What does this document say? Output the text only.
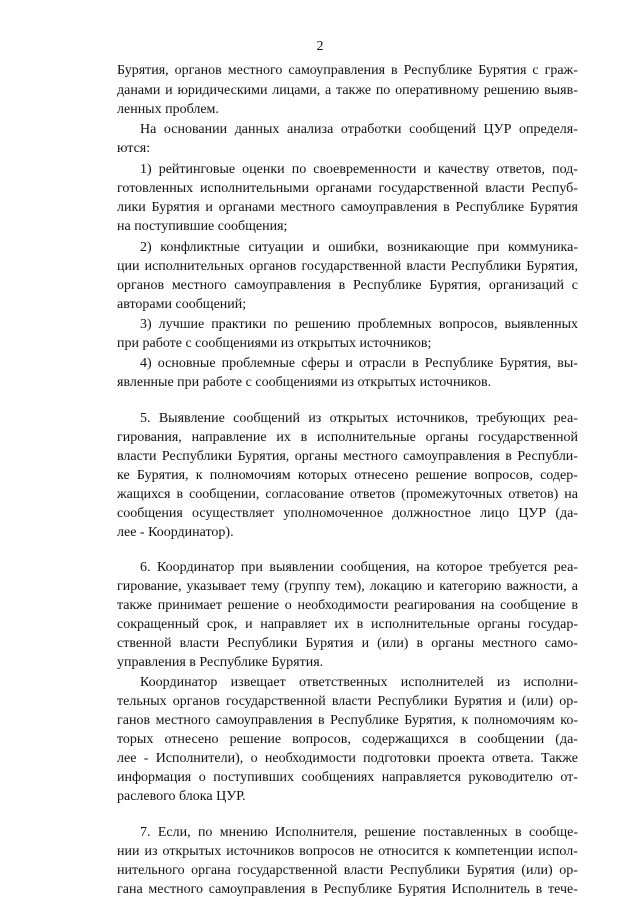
2
Бурятия, органов местного самоуправления в Республике Бурятия с граж-
данами и юридическими лицами, а также по оперативному решению выяв-
ленных проблем.
На основании данных анализа отработки сообщений ЦУР определя-
ются:
1) рейтинговые оценки по своевременности и качеству ответов, под-
готовленных исполнительными органами государственной власти Респуб-
лики Бурятия и органами местного самоуправления в Республике Бурятия
на поступившие сообщения;
2) конфликтные ситуации и ошибки, возникающие при коммуника-
ции исполнительных органов государственной власти Республики Бурятия,
органов местного самоуправления в Республике Бурятия, организаций с
авторами сообщений;
3) лучшие практики по решению проблемных вопросов, выявленных
при работе с сообщениями из открытых источников;
4) основные проблемные сферы и отрасли в Республике Бурятия, вы-
явленные при работе с сообщениями из открытых источников.
5. Выявление сообщений из открытых источников, требующих реа-
гирования, направление их в исполнительные органы государственной
власти Республики Бурятия, органы местного самоуправления в Республи-
ке Бурятия, к полномочиям которых отнесено решение вопросов, содер-
жащихся в сообщении, согласование ответов (промежуточных ответов) на
сообщения осуществляет уполномоченное должностное лицо ЦУР (да-
лее - Координатор).
6. Координатор при выявлении сообщения, на которое требуется реа-
гирование, указывает тему (группу тем), локацию и категорию важности, а
также принимает решение о необходимости реагирования на сообщение в
сокращенный срок, и направляет их в исполнительные органы государ-
ственной власти Республики Бурятия и (или) в органы местного само-
управления в Республике Бурятия.
Координатор извещает ответственных исполнителей из исполни-
тельных органов государственной власти Республики Бурятия и (или) ор-
ганов местного самоуправления в Республике Бурятия, к полномочиям ко-
торых отнесено решение вопросов, содержащихся в сообщении (да-
лее - Исполнители), о необходимости подготовки проекта ответа. Также
информация о поступивших сообщениях направляется руководителю от-
раслевого блока ЦУР.
7. Если, по мнению Исполнителя, решение поставленных в сообще-
нии из открытых источников вопросов не относится к компетенции испол-
нительного органа государственной власти Республики Бурятия (или) ор-
гана местного самоуправления в Республике Бурятия Исполнитель в тече-
